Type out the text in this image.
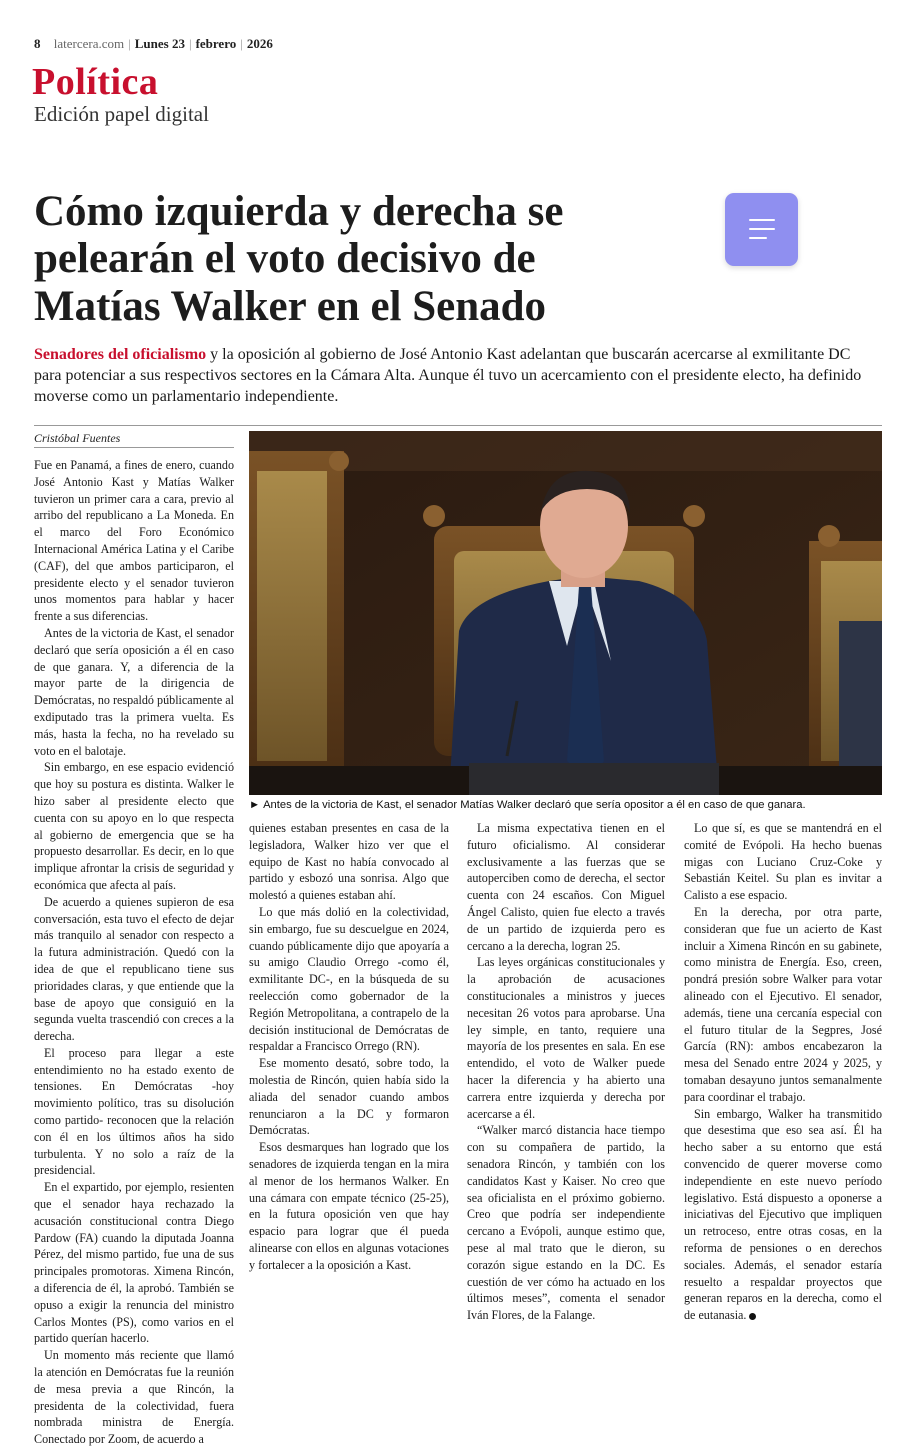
8 latercera.com | Lunes 23 | febrero | 2026
Política
Edición papel digital
Cómo izquierda y derecha se pelearán el voto decisivo de Matías Walker en el Senado

Senadores del oficialismo y la oposición al gobierno de José Antonio Kast adelantan que buscarán acercarse al exmilitante DC para potenciar a sus respectivos sectores en la Cámara Alta. Aunque él tuvo un acercamiento con el presidente electo, ha definido moverse como un parlamentario independiente.

Cristóbal Fuentes

Fue en Panamá, a fines de enero, cuando José Antonio Kast y Matías Walker tuvieron un primer cara a cara, previo al arribo del republicano a La Moneda. En el marco del Foro Económico Internacional América Latina y el Caribe (CAF), del que ambos participaron, el presidente electo y el senador tuvieron unos momentos para hablar y hacer frente a sus diferencias.

Antes de la victoria de Kast, el senador declaró que sería oposición a él en caso de que ganara. Y, a diferencia de la mayor parte de la dirigencia de Demócratas, no respaldó públicamente al exdiputado tras la primera vuelta. Es más, hasta la fecha, no ha revelado su voto en el balotaje.

Sin embargo, en ese espacio evidenció que hoy su postura es distinta. Walker le hizo saber al presidente electo que cuenta con su apoyo en lo que respecta al gobierno de emergencia que se ha propuesto desarrollar. Es decir, en lo que implique afrontar la crisis de seguridad y económica que afecta al país.

De acuerdo a quienes supieron de esa conversación, esta tuvo el efecto de dejar más tranquilo al senador con respecto a la futura administración. Quedó con la idea de que el republicano tiene sus prioridades claras, y que entiende que la base de apoyo que consiguió en la segunda vuelta trascendió con creces a la derecha.

El proceso para llegar a este entendimiento no ha estado exento de tensiones. En Demócratas -hoy movimiento político, tras su disolución como partido- reconocen que la relación con él en los últimos años ha sido turbulenta. Y no solo a raíz de la presidencial.

En el expartido, por ejemplo, resienten que el senador haya rechazado la acusación constitucional contra Diego Pardow (FA) cuando la diputada Joanna Pérez, del mismo partido, fue una de sus principales promotoras. Ximena Rincón, a diferencia de él, la aprobó. También se opuso a exigir la renuncia del ministro Carlos Montes (PS), como varios en el partido querían hacerlo.

Un momento más reciente que llamó la atención en Demócratas fue la reunión de mesa previa a que Rincón, la presidenta de la colectividad, fuera nombrada ministra de Energía. Conectado por Zoom, de acuerdo a

► Antes de la victoria de Kast, el senador Matías Walker declaró que sería opositor a él en caso de que ganara.

quienes estaban presentes en casa de la legisladora, Walker hizo ver que el equipo de Kast no había convocado al partido y esbozó una sonrisa. Algo que molestó a quienes estaban ahí.

Lo que más dolió en la colectividad, sin embargo, fue su descuelgue en 2024, cuando públicamente dijo que apoyaría a su amigo Claudio Orrego -como él, exmilitante DC-, en la búsqueda de su reelección como gobernador de la Región Metropolitana, a contrapelo de la decisión institucional de Demócratas de respaldar a Francisco Orrego (RN).

Ese momento desató, sobre todo, la molestia de Rincón, quien había sido la aliada del senador cuando ambos renunciaron a la DC y formaron Demócratas.

Esos desmarques han logrado que los senadores de izquierda tengan en la mira al menor de los hermanos Walker. En una cámara con empate técnico (25-25), en la futura oposición ven que hay espacio para lograr que él pueda alinearse con ellos en algunas votaciones y fortalecer a la oposición a Kast.

La misma expectativa tienen en el futuro oficialismo. Al considerar exclusivamente a las fuerzas que se autoperciben como de derecha, el sector cuenta con 24 escaños. Con Miguel Ángel Calisto, quien fue electo a través de un partido de izquierda pero es cercano a la derecha, logran 25.

Las leyes orgánicas constitucionales y la aprobación de acusaciones constitucionales a ministros y jueces necesitan 26 votos para aprobarse. Una ley simple, en tanto, requiere una mayoría de los presentes en sala. En ese entendido, el voto de Walker puede hacer la diferencia y ha abierto una carrera entre izquierda y derecha por acercarse a él.

“Walker marcó distancia hace tiempo con su compañera de partido, la senadora Rincón, y también con los candidatos Kast y Kaiser. No creo que sea oficialista en el próximo gobierno. Creo que podría ser independiente cercano a Evópoli, aunque estimo que, pese al mal trato que le dieron, su corazón sigue estando en la DC. Es cuestión de ver cómo ha actuado en los últimos meses”, comenta el senador Iván Flores, de la Falange.

Lo que sí, es que se mantendrá en el comité de Evópoli. Ha hecho buenas migas con Luciano Cruz-Coke y Sebastián Keitel. Su plan es invitar a Calisto a ese espacio.

En la derecha, por otra parte, consideran que fue un acierto de Kast incluir a Ximena Rincón en su gabinete, como ministra de Energía. Eso, creen, pondrá presión sobre Walker para votar alineado con el Ejecutivo. El senador, además, tiene una cercanía especial con el futuro titular de la Segpres, José García (RN): ambos encabezaron la mesa del Senado entre 2024 y 2025, y tomaban desayuno juntos semanalmente para coordinar el trabajo.

Sin embargo, Walker ha transmitido que desestima que eso sea así. Él ha hecho saber a su entorno que está convencido de querer moverse como independiente en este nuevo período legislativo. Está dispuesto a oponerse a iniciativas del Ejecutivo que impliquen un retroceso, entre otras cosas, en la reforma de pensiones o en derechos sociales. Además, el senador estaría resuelto a respaldar proyectos que generan reparos en la derecha, como el de eutanasia.
